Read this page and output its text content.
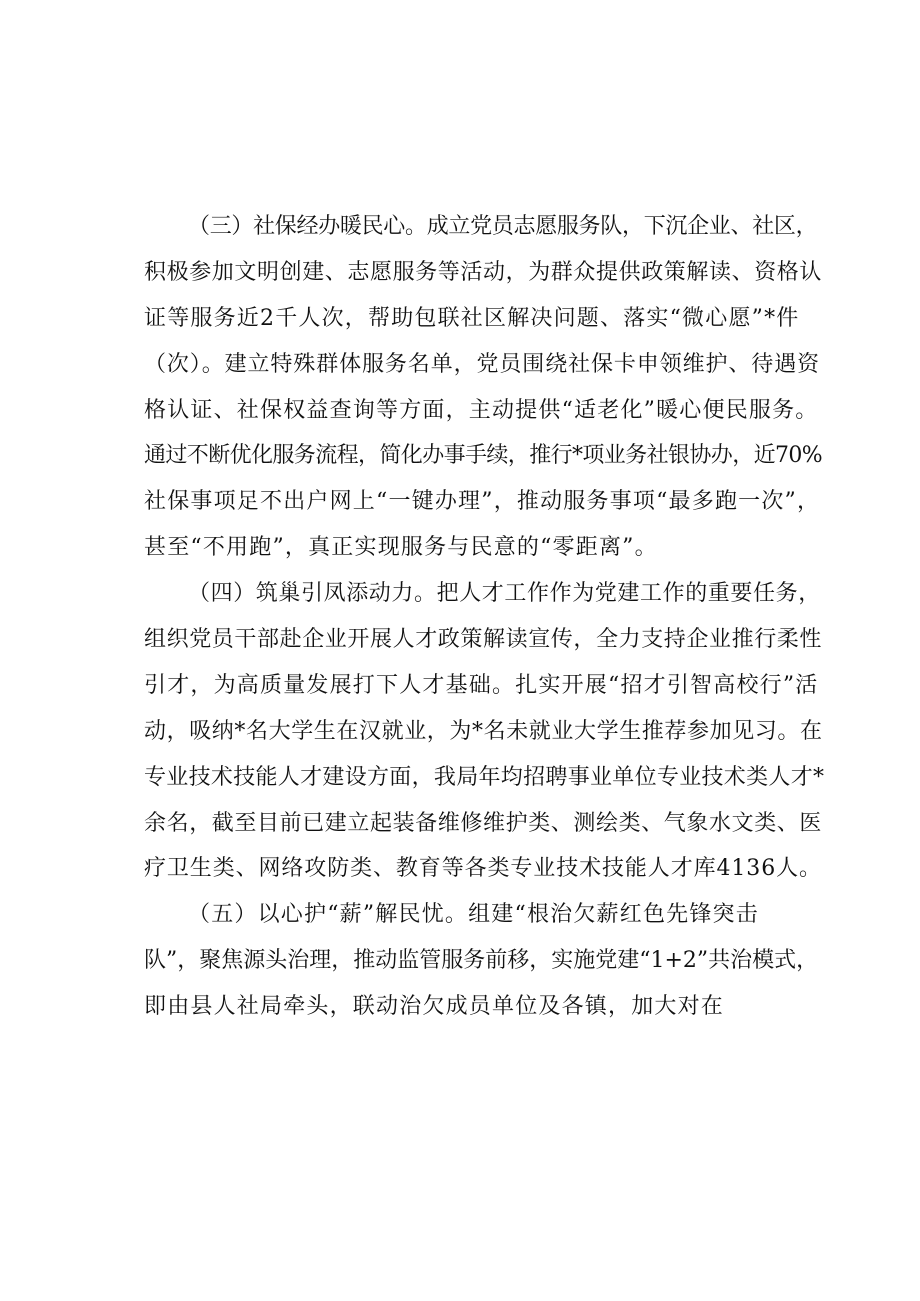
（三）社保经办暖民心。成立党员志愿服务队，下沉企业、社区，
积极参加文明创建、志愿服务等活动，为群众提供政策解读、资格认
证等服务近2千人次，帮助包联社区解决问题、落实“微心愿”*件
（次）。建立特殊群体服务名单，党员围绕社保卡申领维护、待遇资
格认证、社保权益查询等方面，主动提供“适老化”暖心便民服务。
通过不断优化服务流程，简化办事手续，推行*项业务社银协办，近70%
社保事项足不出户网上“一键办理”，推动服务事项“最多跑一次”，
甚至“不用跑”，真正实现服务与民意的“零距离”。
（四）筑巢引凤添动力。把人才工作作为党建工作的重要任务，
组织党员干部赴企业开展人才政策解读宣传，全力支持企业推行柔性
引才，为高质量发展打下人才基础。扎实开展“招才引智高校行”活
动，吸纳*名大学生在汉就业，为*名未就业大学生推荐参加见习。在
专业技术技能人才建设方面，我局年均招聘事业单位专业技术类人才*
余名，截至目前已建立起装备维修维护类、测绘类、气象水文类、医
疗卫生类、网络攻防类、教育等各类专业技术技能人才库4136人。
（五）以心护“薪”解民忧。组建“根治欠薪红色先锋突击
队”，聚焦源头治理，推动监管服务前移，实施党建“1+2”共治模式，
即由县人社局牵头，联动治欠成员单位及各镇，加大对在
